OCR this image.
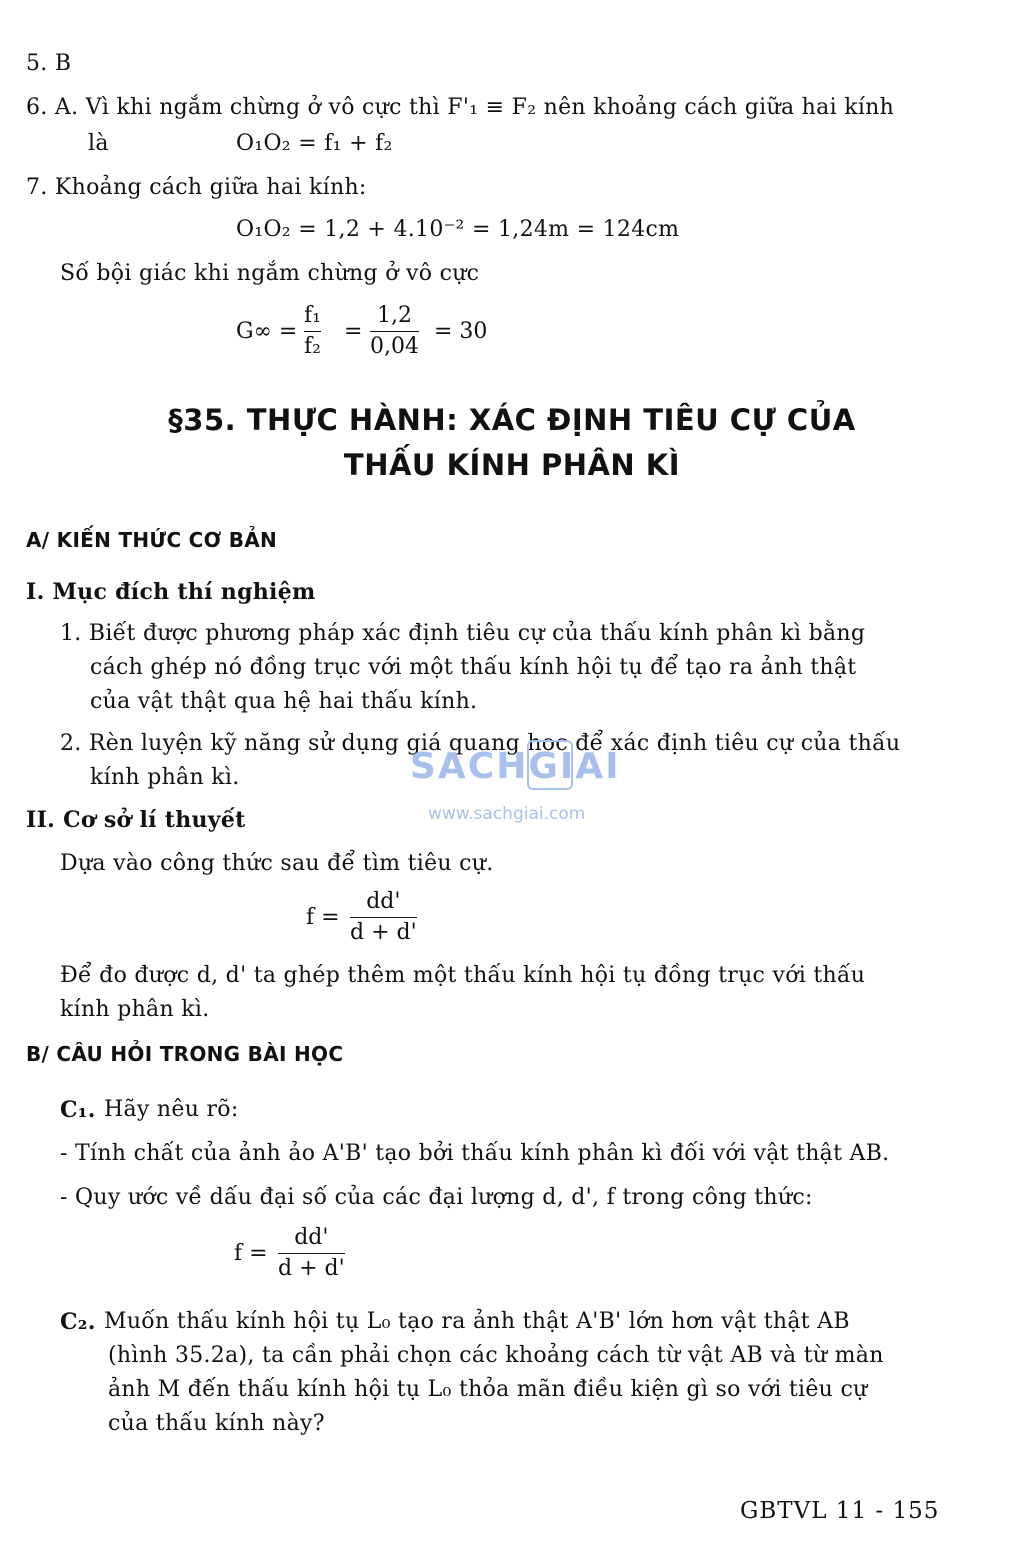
5. B
6. A. Vì khi ngắm chừng ở vô cực thì F'₁ ≡ F₂ nên khoảng cách giữa hai kính
là	O₁O₂ = f₁ + f₂
7. Khoảng cách giữa hai kính:
O₁O₂ = 1,2 + 4.10⁻² = 1,24m = 124cm
Số bội giác khi ngắm chừng ở vô cực
G∞ =
f₁
f₂
=
1,2
0,04
= 30
§35. THỰC HÀNH: XÁC ĐỊNH TIÊU CỰ CỦA
THẤU KÍNH PHÂN KÌ
A/ KIẾN THỨC CƠ BẢN
I. Mục đích thí nghiệm
1. Biết được phương pháp xác định tiêu cự của thấu kính phân kì bằng
cách ghép nó đồng trục với một thấu kính hội tụ để tạo ra ảnh thật
của vật thật qua hệ hai thấu kính.
2. Rèn luyện kỹ năng sử dụng giá quang học để xác định tiêu cự của thấu
kính phân kì.
II. Cơ sở lí thuyết
Dựa vào công thức sau để tìm tiêu cự.
f =
dd'
d + d'
Để đo được d, d' ta ghép thêm một thấu kính hội tụ đồng trục với thấu
kính phân kì.
B/ CÂU HỎI TRONG BÀI HỌC
C₁. Hãy nêu rõ:
- Tính chất của ảnh ảo A'B' tạo bởi thấu kính phân kì đối với vật thật AB.
- Quy ước về dấu đại số của các đại lượng d, d', f trong công thức:
f =
dd'
d + d'
C₂. Muốn thấu kính hội tụ L₀ tạo ra ảnh thật A'B' lớn hơn vật thật AB
(hình 35.2a), ta cần phải chọn các khoảng cách từ vật AB và từ màn
ảnh M đến thấu kính hội tụ L₀ thỏa mãn điều kiện gì so với tiêu cự
của thấu kính này?
SACHGIAI
www.sachgiai.com
GBTVL 11 - 155
